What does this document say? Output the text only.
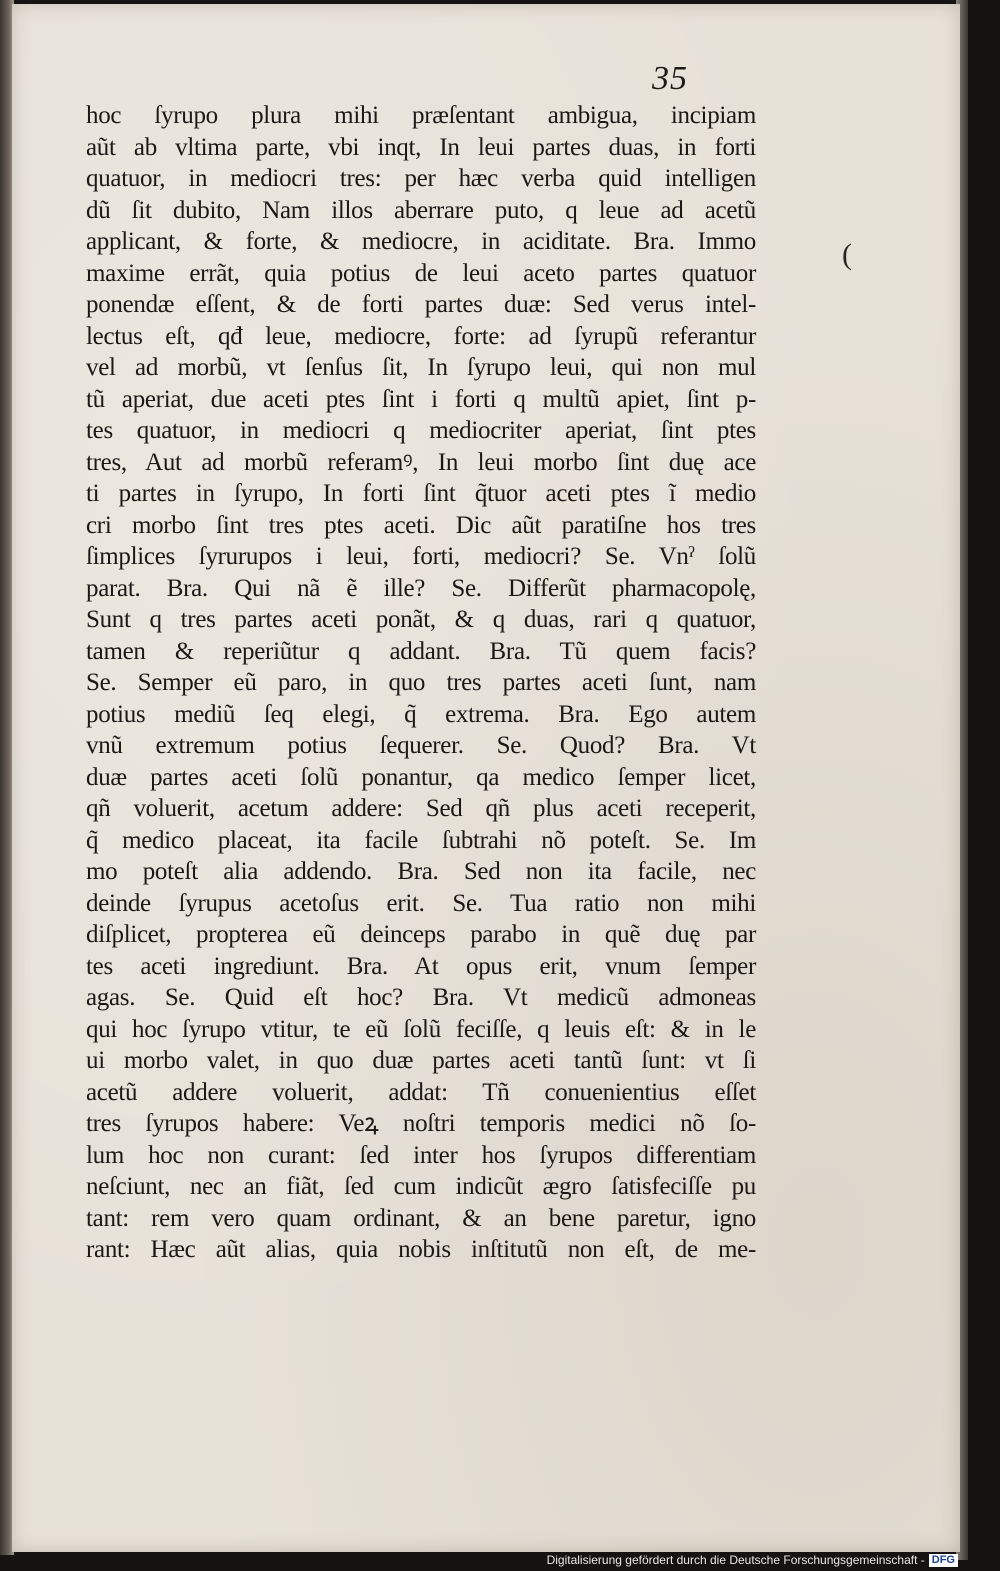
35
(
hoc ſyrupo plura mihi præſentant ambigua, incipiam
aũt ab vltima parte, vbi inqt, In leui partes duas, in forti
quatuor, in mediocri tres: per hæc verba quid intelligen
dũ ſit dubito, Nam illos aberrare puto, q leue ad acetũ
applicant, & forte, & mediocre, in aciditate. Bra. Immo
maxime errãt, quia potius de leui aceto partes quatuor
ponendæ eſſent, & de forti partes duæ: Sed verus intel-
lectus eſt, qđ leue, mediocre, forte: ad ſyrupũ referantur
vel ad morbũ, vt ſenſus ſit, In ſyrupo leui, qui non mul
tũ aperiat, due aceti ptes ſint i forti q multũ apiet, ſint p-
tes quatuor, in mediocri q mediocriter aperiat, ſint ptes
tres, Aut ad morbũ referamꝰ, In leui morbo ſint duę ace
ti partes in ſyrupo, In forti ſint q̃tuor aceti ptes ĩ medio
cri morbo ſint tres ptes aceti. Dic aũt paratiſne hos tres
ſimplices ſyrurupos i leui, forti, mediocri? Se. Vnˀ ſolũ
parat. Bra. Qui nã ẽ ille? Se. Differũt pharmacopolę,
Sunt q tres partes aceti ponãt, & q duas, rari q quatuor,
tamen & reperiũtur q addant. Bra. Tũ quem facis?
Se. Semper eũ paro, in quo tres partes aceti ſunt, nam
potius mediũ ſeq elegi, q̃ extrema. Bra. Ego autem
vnũ extremum potius ſequerer. Se. Quod? Bra. Vt
duæ partes aceti ſolũ ponantur, qa medico ſemper licet,
qñ voluerit, acetum addere: Sed qñ plus aceti receperit,
q̃ medico placeat, ita facile ſubtrahi nõ poteſt. Se. Im
mo poteſt alia addendo. Bra. Sed non ita facile, nec
deinde ſyrupus acetoſus erit. Se. Tua ratio non mihi
diſplicet, propterea eũ deinceps parabo in quẽ duę par
tes aceti ingrediunt. Bra. At opus erit, vnum ſemper
agas. Se. Quid eſt hoc? Bra. Vt medicũ admoneas
qui hoc ſyrupo vtitur, te eũ ſolũ feciſſe, q leuis eſt: & in le
ui morbo valet, in quo duæ partes aceti tantũ ſunt: vt ſi
acetũ addere voluerit, addat: Tñ conuenientius eſſet
tres ſyrupos habere: Veꝝ noſtri temporis medici nõ ſo-
lum hoc non curant: ſed inter hos ſyrupos differentiam
neſciunt, nec an fiãt, ſed cum indicũt ægro ſatisfeciſſe pu
tant: rem vero quam ordinant, & an bene paretur, igno
rant: Hæc aũt alias, quia nobis inſtitutũ non eſt, de me-
Digitalisierung gefördert durch die Deutsche Forschungsgemeinschaft - DFG
